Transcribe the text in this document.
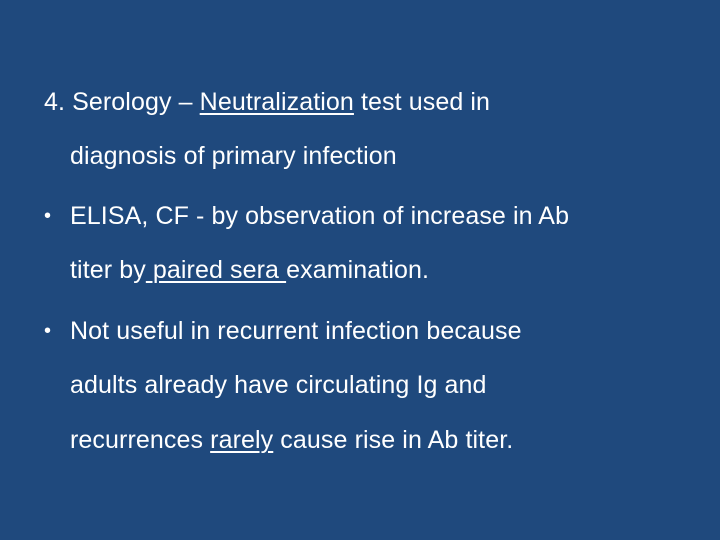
4. Serology – Neutralization test used in
diagnosis of primary infection
• ELISA, CF - by observation of increase in Ab
titer by paired sera examination.
• Not useful in recurrent infection because
adults already have circulating Ig and
recurrences rarely cause rise in Ab titer.
